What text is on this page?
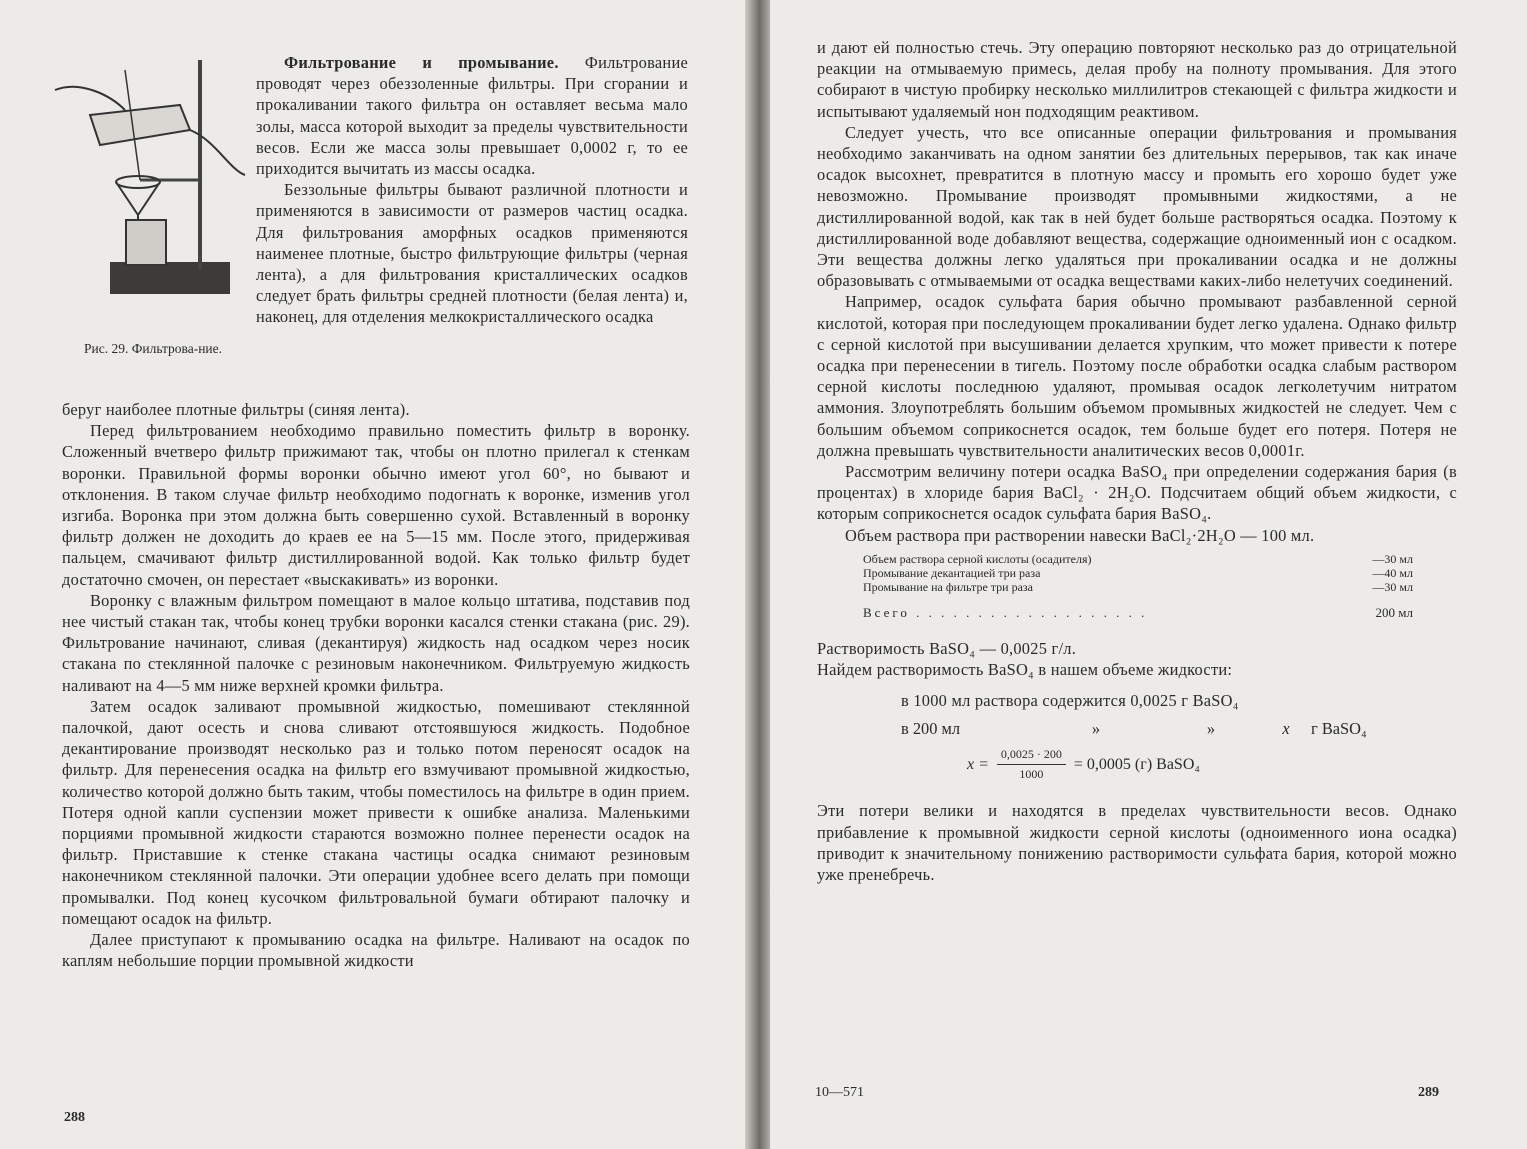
Рис. 29. Фильтрова-ние.

Фильтрование и промывание. Фильтрование проводят через обеззоленные фильтры. При сгорании и прокаливании такого фильтра он оставляет весьма мало золы, масса которой выходит за пределы чувствительности весов. Если же масса золы превышает 0,0002 г, то ее приходится вычитать из массы осадка.

Беззольные фильтры бывают различной плотности и применяются в зависимости от размеров частиц осадка. Для фильтрования аморфных осадков применяются наименее плотные, быстро фильтрующие фильтры (черная лента), а для фильтрования кристаллических осадков следует брать фильтры средней плотности (белая лента) и, наконец, для отделения мелкокристаллического осадка

беруг наиболее плотные фильтры (синяя лента).

Перед фильтрованием необходимо правильно поместить фильтр в воронку. Сложенный вчетверо фильтр прижимают так, чтобы он плотно прилегал к стенкам воронки. Правильной формы воронки обычно имеют угол 60°, но бывают и отклонения. В таком случае фильтр необходимо подогнать к воронке, изменив угол изгиба. Воронка при этом должна быть совершенно сухой. Вставленный в воронку фильтр должен не доходить до краев ее на 5—15 мм. После этого, придерживая пальцем, смачивают фильтр дистиллированной водой. Как только фильтр будет достаточно смочен, он перестает «выскакивать» из воронки.

Воронку с влажным фильтром помещают в малое кольцо штатива, подставив под нее чистый стакан так, чтобы конец трубки воронки касался стенки стакана (рис. 29). Фильтрование начинают, сливая (декантируя) жидкость над осадком через носик стакана по стеклянной палочке с резиновым наконечником. Фильтруемую жидкость наливают на 4—5 мм ниже верхней кромки фильтра.

Затем осадок заливают промывной жидкостью, помешивают стеклянной палочкой, дают осесть и снова сливают отстоявшуюся жидкость. Подобное декантирование производят несколько раз и только потом переносят осадок на фильтр. Для перенесения осадка на фильтр его взмучивают промывной жидкостью, количество которой должно быть таким, чтобы поместилось на фильтре в один прием. Потеря одной капли суспензии может привести к ошибке анализа. Маленькими порциями промывной жидкости стараются возможно полнее перенести осадок на фильтр. Приставшие к стенке стакана частицы осадка снимают резиновым наконечником стеклянной палочки. Эти операции удобнее всего делать при помощи промывалки. Под конец кусочком фильтровальной бумаги обтирают палочку и помещают осадок на фильтр.

Далее приступают к промыванию осадка на фильтре. Наливают на осадок по каплям небольшие порции промывной жидкости

288

и дают ей полностью стечь. Эту операцию повторяют несколько раз до отрицательной реакции на отмываемую примесь, делая пробу на полноту промывания. Для этого собирают в чистую пробирку несколько миллилитров стекающей с фильтра жидкости и испытывают удаляемый нон подходящим реактивом.

Следует учесть, что все описанные операции фильтрования и промывания необходимо заканчивать на одном занятии без длительных перерывов, так как иначе осадок высохнет, превратится в плотную массу и промыть его хорошо будет уже невозможно. Промывание производят промывными жидкостями, а не дистиллированной водой, как так в ней будет больше растворяться осадка. Поэтому к дистиллированной воде добавляют вещества, содержащие одноименный ион с осадком. Эти вещества должны легко удаляться при прокаливании осадка и не должны образовывать с отмываемыми от осадка веществами каких-либо нелетучих соединений.

Например, осадок сульфата бария обычно промывают разбавленной серной кислотой, которая при последующем прокаливании будет легко удалена. Однако фильтр с серной кислотой при высушивании делается хрупким, что может привести к потере осадка при перенесении в тигель. Поэтому после обработки осадка слабым раствором серной кислоты последнюю удаляют, промывая осадок легколетучим нитратом аммония. Злоупотреблять большим объемом промывных жидкостей не следует. Чем с большим объемом соприкоснется осадок, тем больше будет его потеря. Потеря не должна превышать чувствительности аналитических весов 0,0001г.

Рассмотрим величину потери осадка BaSO₄ при определении содержания бария (в процентах) в хлориде бария BaCl₂ · 2H₂O. Подсчитаем общий объем жидкости, с которым соприкоснется осадок сульфата бария BaSO₄.

Объем раствора при растворении навески BaCl₂·2H₂O — 100 мл.

Объем раствора серной кислоты (осадителя)	—30 мл
Промывание декантацией три раза	—40 мл
Промывание на фильтре три раза	—30 мл
Всего . . . . . . . . . . . . . . . . . . .	200 мл

Растворимость BaSO₄ — 0,0025 г/л.

Найдем растворимость BaSO₄ в нашем объеме жидкости:

в 1000 мл раствора содержится 0,0025 г BaSO₄

в 200 мл	»	»	x	г BaSO₄
$x = \frac{0,0025 \cdot 200}{1000} = 0,0005$ (г) BaSO₄

Эти потери велики и находятся в пределах чувствительности весов. Однако прибавление к промывной жидкости серной кислоты (одноименного иона осадка) приводит к значительному понижению растворимости сульфата бария, которой можно уже пренебречь.

10—571	289
